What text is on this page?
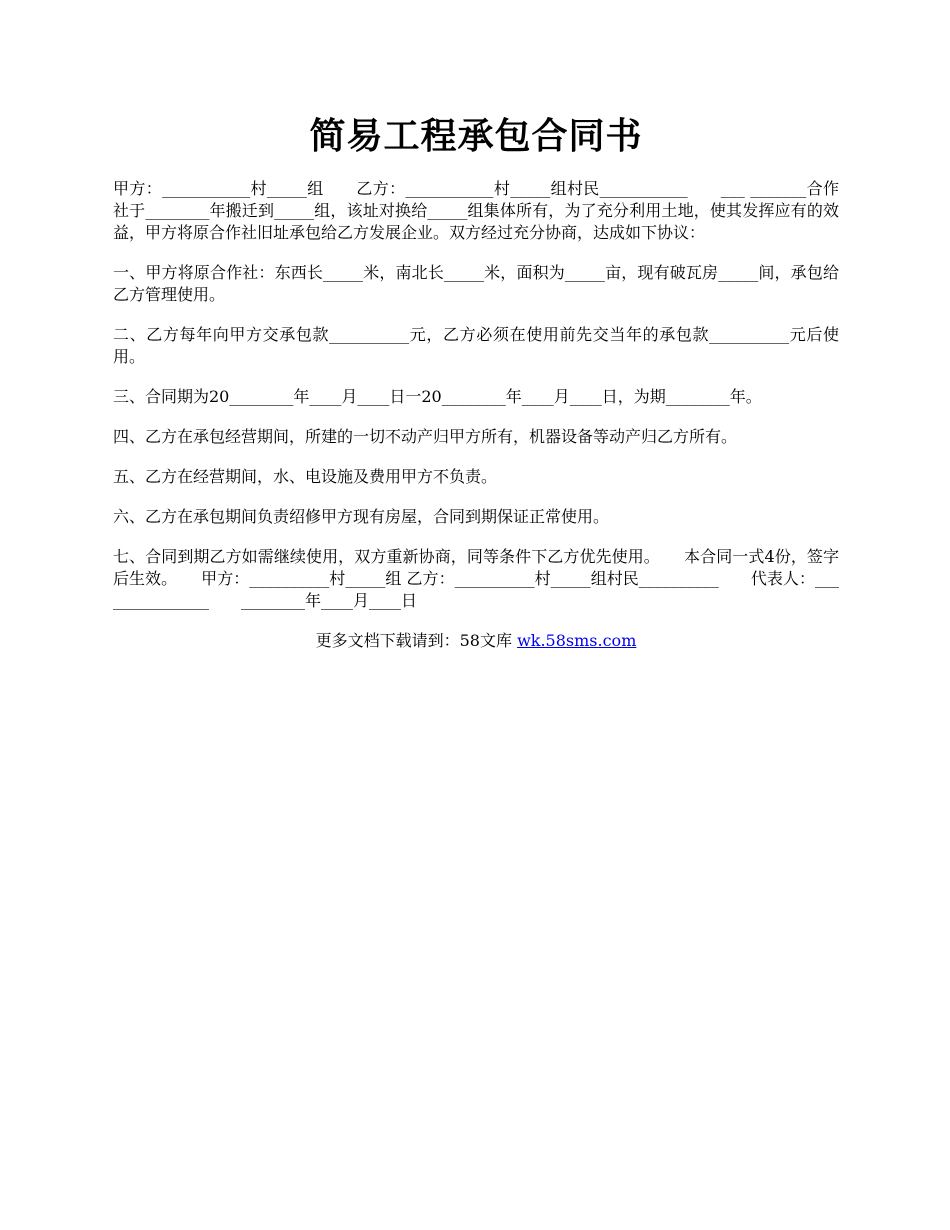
简易工程承包合同书

甲方：___________村_____组　　乙方：___________村_____组村民___________　　___ _______合作社于________年搬迁到_____组，该址对换给_____组集体所有，为了充分利用土地，使其发挥应有的效益，甲方将原合作社旧址承包给乙方发展企业。双方经过充分协商，达成如下协议：

一、甲方将原合作社：东西长_____米，南北长_____米，面积为_____亩，现有破瓦房_____间，承包给乙方管理使用。

二、乙方每年向甲方交承包款__________元，乙方必须在使用前先交当年的承包款__________元后使用。

三、合同期为20________年____月____日一20________年____月____日，为期________年。

四、乙方在承包经营期间，所建的一切不动产归甲方所有，机器设备等动产归乙方所有。

五、乙方在经营期间，水、电设施及费用甲方不负责。

六、乙方在承包期间负责绍修甲方现有房屋，合同到期保证正常使用。

七、合同到期乙方如需继续使用，双方重新协商，同等条件下乙方优先使用。　　本合同一式4份，签字后生效。　　甲方：__________村_____组 乙方：__________村_____组村民__________　　代表人：_______________　　________年____月____日

更多文档下载请到：58文库 wk.58sms.com
